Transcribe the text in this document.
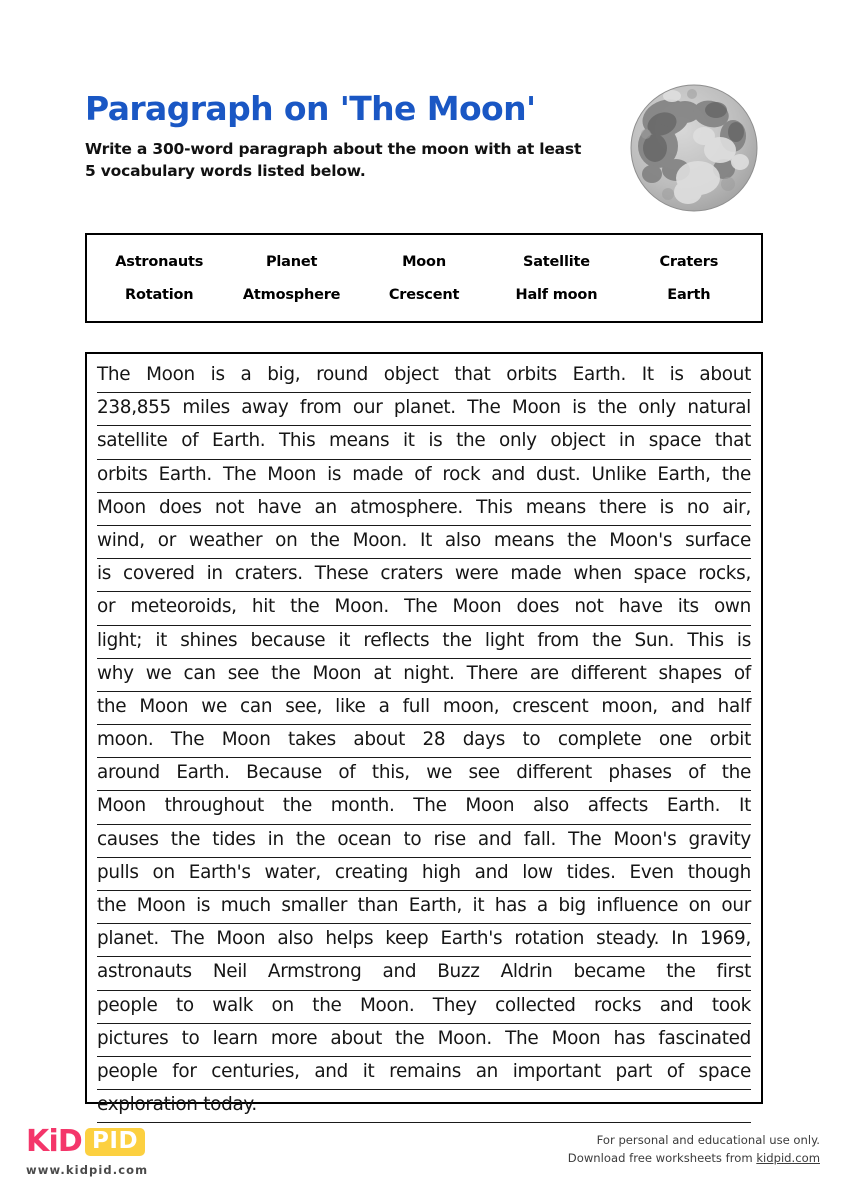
Paragraph on 'The Moon'

Write a 300-word paragraph about the moon with at least 5 vocabulary words listed below.

Astronauts	Planet	Moon	Satellite	Craters
Rotation	Atmosphere	Crescent	Half moon	Earth
The Moon is a big, round object that orbits Earth. It is about
238,855 miles away from our planet. The Moon is the only natural
satellite of Earth. This means it is the only object in space that
orbits Earth. The Moon is made of rock and dust. Unlike Earth, the
Moon does not have an atmosphere. This means there is no air,
wind, or weather on the Moon. It also means the Moon's surface
is covered in craters. These craters were made when space rocks,
or meteoroids, hit the Moon. The Moon does not have its own
light; it shines because it reflects the light from the Sun. This is
why we can see the Moon at night. There are different shapes of
the Moon we can see, like a full moon, crescent moon, and half
moon. The Moon takes about 28 days to complete one orbit
around Earth. Because of this, we see different phases of the
Moon throughout the month. The Moon also affects Earth. It
causes the tides in the ocean to rise and fall. The Moon's gravity
pulls on Earth's water, creating high and low tides. Even though
the Moon is much smaller than Earth, it has a big influence on our
planet. The Moon also helps keep Earth's rotation steady. In 1969,
astronauts Neil Armstrong and Buzz Aldrin became the first
people to walk on the Moon. They collected rocks and took
pictures to learn more about the Moon. The Moon has fascinated
people for centuries, and it remains an important part of space
exploration today.
KiD PID
www.kidpid.com
For personal and educational use only.
Download free worksheets from kidpid.com
